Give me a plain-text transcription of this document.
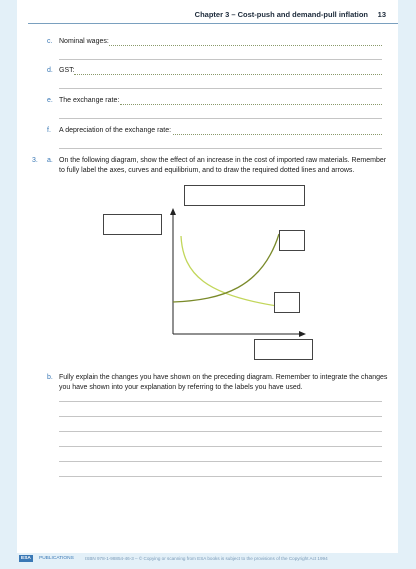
Chapter 3 – Cost-push and demand-pull inflation 13
c. Nominal wages:
d. GST:
e. The exchange rate:
f. A depreciation of the exchange rate:
3. a. On the following diagram, show the effect of an increase in the cost of imported raw materials. Remember to fully label the axes, curves and equilibrium, and to draw the required dotted lines and arrows.
b. Fully explain the changes you have shown on the preceding diagram. Remember to integrate the changes you have shown into your explanation by referring to the labels you have used.
ESA	PUBLICATIONS ISBN 978-1-98854-46-3 – © Copying or scanning from ESA books is subject to the provisions of the Copyright Act 1994
